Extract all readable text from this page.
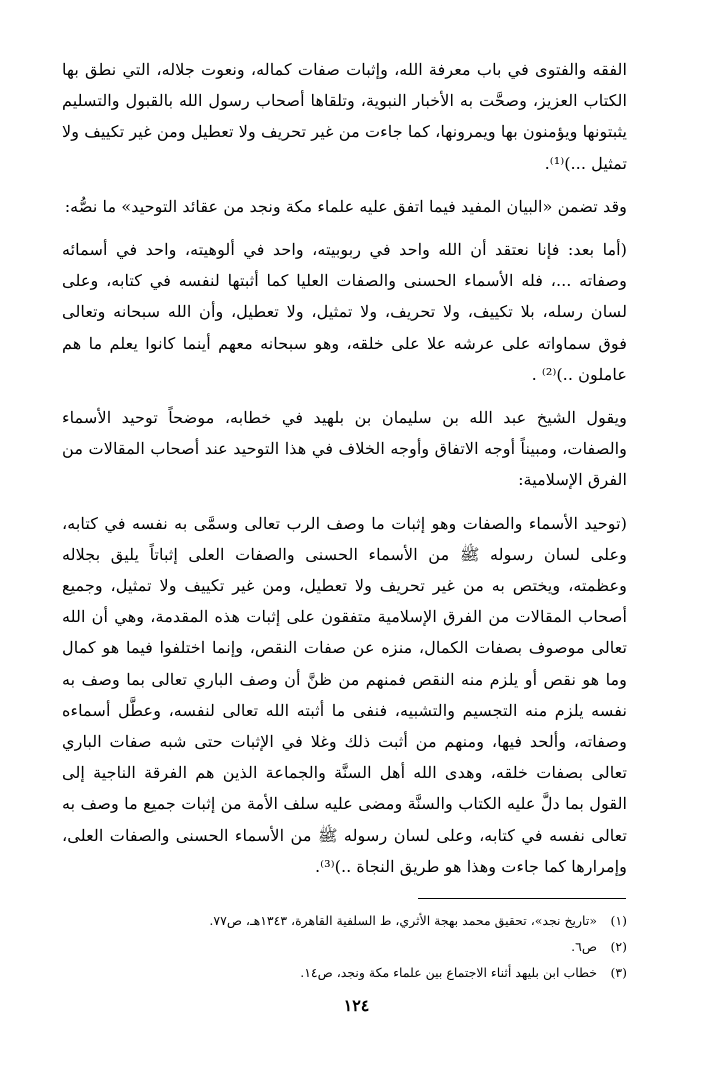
الفقه والفتوى في باب معرفة الله، وإثبات صفات كماله، ونعوت جلاله، التي نطق بها الكتاب العزيز، وصحَّت به الأخبار النبوية، وتلقاها أصحاب رسول الله بالقبول والتسليم يثبتونها ويؤمنون بها ويمرونها، كما جاءت من غير تحريف ولا تعطيل ومن غير تكييف ولا تمثيل ...)⁽¹⁾.

وقد تضمن «البيان المفيد فيما اتفق عليه علماء مكة ونجد من عقائد التوحيد» ما نصُّه:

(أما بعد: فإنا نعتقد أن الله واحد في ربوبيته، واحد في ألوهيته، واحد في أسمائه وصفاته ...، فله الأسماء الحسنى والصفات العليا كما أثبتها لنفسه في كتابه، وعلى لسان رسله، بلا تكييف، ولا تحريف، ولا تمثيل، ولا تعطيل، وأن الله سبحانه وتعالى فوق سماواته على عرشه علا على خلقه، وهو سبحانه معهم أينما كانوا يعلم ما هم عاملون ..)⁽²⁾ .

ويقول الشيخ عبد الله بن سليمان بن بلهيد في خطابه، موضحاً توحيد الأسماء والصفات، ومبيناً أوجه الاتفاق وأوجه الخلاف في هذا التوحيد عند أصحاب المقالات من الفرق الإسلامية:

(توحيد الأسماء والصفات وهو إثبات ما وصف الرب تعالى وسمَّى به نفسه في كتابه، وعلى لسان رسوله ﷺ من الأسماء الحسنى والصفات العلى إثباتاً يليق بجلاله وعظمته، ويختص به من غير تحريف ولا تعطيل، ومن غير تكييف ولا تمثيل، وجميع أصحاب المقالات من الفرق الإسلامية متفقون على إثبات هذه المقدمة، وهي أن الله تعالى موصوف بصفات الكمال، منزه عن صفات النقص، وإنما اختلفوا فيما هو كمال وما هو نقص أو يلزم منه النقص فمنهم من ظنَّ أن وصف الباري تعالى بما وصف به نفسه يلزم منه التجسيم والتشبيه، فنفى ما أثبته الله تعالى لنفسه، وعطَّل أسماءه وصفاته، وألحد فيها، ومنهم من أثبت ذلك وغلا في الإثبات حتى شبه صفات الباري تعالى بصفات خلقه، وهدى الله أهل السنَّة والجماعة الذين هم الفرقة الناجية إلى القول بما دلَّ عليه الكتاب والسنَّة ومضى عليه سلف الأمة من إثبات جميع ما وصف به تعالى نفسه في كتابه، وعلى لسان رسوله ﷺ من الأسماء الحسنى والصفات العلى، وإمرارها كما جاءت وهذا هو طريق النجاة ..)⁽³⁾.

(١)«تاريخ نجد»، تحقيق محمد بهجة الأثري، ط السلفية القاهرة، ١٣٤٣هـ، ص٧٧.

(٢)ص٦.

(٣)خطاب ابن بليهد أثناء الاجتماع بين علماء مكة ونجد، ص١٤.

١٢٤
